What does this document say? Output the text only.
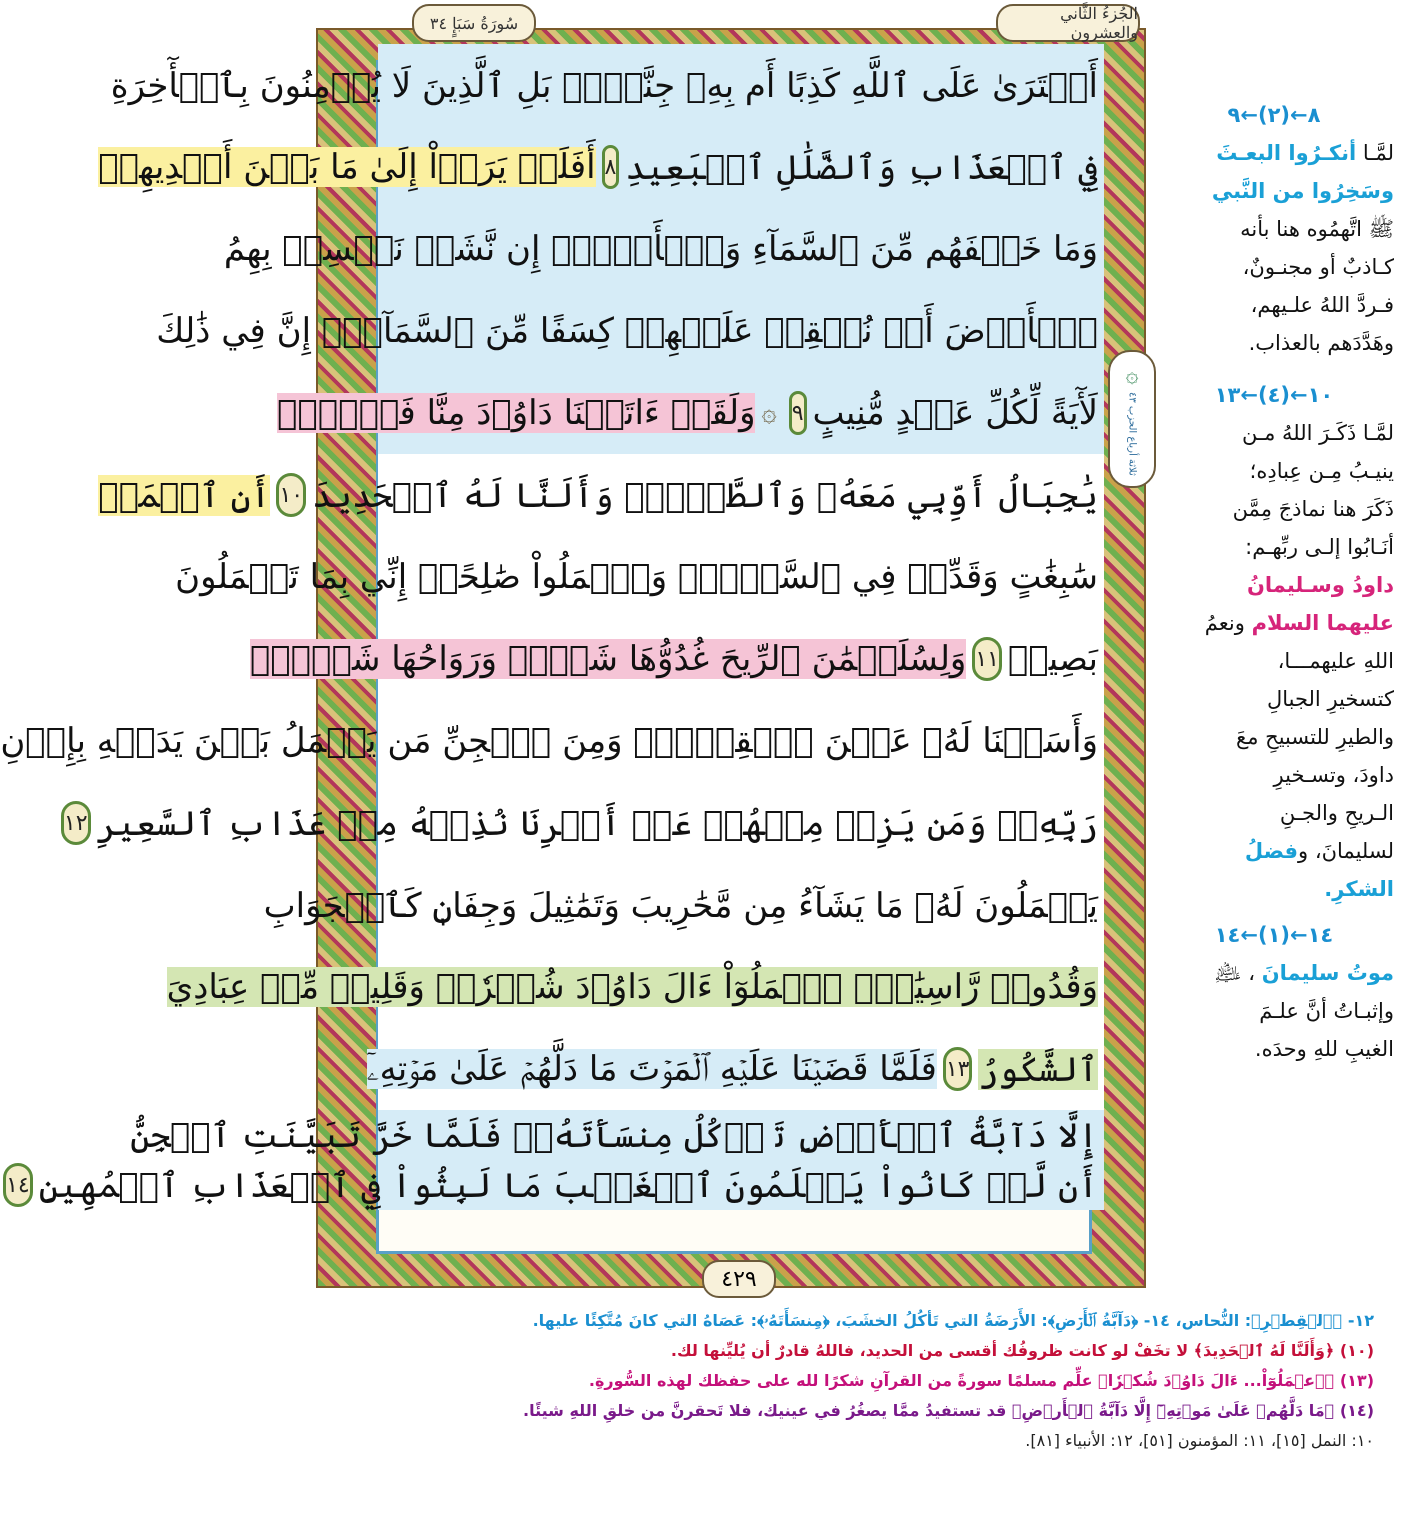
الجُزءُ الثَّاني والعِشرون
سُورَةُ سَبَإٍ ٣٤
۞
ثلاثة أرباع الحزب ٤٣
أَفۡتَرَىٰ عَلَى ٱللَّهِ كَذِبًا أَم بِهِۦ جِنَّةُۢۗ بَلِ ٱلَّذِينَ لَا يُؤۡمِنُونَ بِٱلۡأٓخِرَةِ
فِي ٱلۡعَذَابِ وَٱلضَّلَٰلِ ٱلۡبَعِيدِ
٨
أَفَلَمۡ يَرَوۡاْ إِلَىٰ مَا بَيۡنَ أَيۡدِيهِمۡ
وَمَا خَلۡفَهُم مِّنَ ٱلسَّمَآءِ وَٱلۡأَرۡضِۚ إِن نَّشَأۡ نَخۡسِفۡ بِهِمُ
ٱلۡأَرۡضَ أَوۡ نُسۡقِطۡ عَلَيۡهِمۡ كِسَفًا مِّنَ ٱلسَّمَآءِۚ إِنَّ فِي ذَٰلِكَ
لَأٓيَةً لِّكُلِّ عَبۡدٍ مُّنِيبٍ
٩
۞
وَلَقَدۡ ءَاتَيۡنَا دَاوُۥدَ مِنَّا فَضۡلًاۖ
يَٰجِبَالُ أَوِّبِي مَعَهُۥ وَٱلطَّيۡرَۖ وَأَلَنَّا لَهُ ٱلۡحَدِيدَ
١٠
أَنِ ٱعۡمَلۡ
سَٰبِغَٰتٍ وَقَدِّرۡ فِي ٱلسَّرۡدِۖ وَٱعۡمَلُواْ صَٰلِحًاۖ إِنِّي بِمَا تَعۡمَلُونَ
بَصِيرٞ
١١
وَلِسُلَيۡمَٰنَ ٱلرِّيحَ غُدُوُّهَا شَهۡرٞ وَرَوَاحُهَا شَهۡرٞۖ
وَأَسَلۡنَا لَهُۥ عَيۡنَ ٱلۡقِطۡرِۖ وَمِنَ ٱلۡجِنِّ مَن يَعۡمَلُ بَيۡنَ يَدَيۡهِ بِإِذۡنِ
رَبِّهِۦۖ وَمَن يَزِغۡ مِنۡهُمۡ عَنۡ أَمۡرِنَا نُذِقۡهُ مِنۡ عَذَابِ ٱلسَّعِيرِ
١٢
يَعۡمَلُونَ لَهُۥ مَا يَشَآءُ مِن مَّحَٰرِيبَ وَتَمَٰثِيلَ وَجِفَانٖ كَٱلۡجَوَابِ
وَقُدُورٖ رَّاسِيَٰتٍۚ ٱعۡمَلُوٓاْ ءَالَ دَاوُۥدَ شُكۡرٗاۚ وَقَلِيلٞ مِّنۡ عِبَادِيَ
ٱلشَّكُورُ
١٣
فَلَمَّا قَضَيۡنَا عَلَيۡهِ ٱلۡمَوۡتَ مَا دَلَّهُمۡ عَلَىٰ مَوۡتِهِۦٓ
إِلَّا دَآبَّةُ ٱلۡأَرۡضِ تَأۡكُلُ مِنسَأَتَهُۥۖ فَلَمَّا خَرَّ تَبَيَّنَتِ ٱلۡجِنُّ
أَن لَّوۡ كَانُواْ يَعۡلَمُونَ ٱلۡغَيۡبَ مَا لَبِثُواْ فِي ٱلۡعَذَابِ ٱلۡمُهِينِ
١٤
٤٢٩
٨←(٢)←٩
لمَّـا أنكـرُوا البعـثَ
وسَخِرُوا من النَّبي
ﷺ اتَّهمُوه هنا بأنه
كـاذبٌ أو مجنـونٌ،
فـردَّ اللهُ علـيهم،
وهَدَّدَهم بالعذاب.
١٠←(٤)←١٣
لمَّـا ذَكَـرَ اللهُ مـن
ينيـبُ مِـن عِبادِه؛
ذَكَرَ هنا نماذجَ مِمَّن
أنَـابُوا إلـى ربِّهـم:
داودُ وسـليمانُ
عليهما السلام ونعمُ
اللهِ عليهمـــا،
كتسخيرِ الجبالِ
والطيرِ للتسبيحِ معَ
داودَ، وتسـخيرِ
الـريحِ والجـنِ
لسليمانَ، وفضلُ
الشكرِ.
١٤←(١)←١٤
موتُ سليمانَ ، ﵇
وإثبـاتُ أنَّ علـمَ
الغيبِ للهِ وحدَه.
١٢- ﴿ٱلۡقِطۡرِ﴾: النُّحاس، ١٤- ﴿دَآبَّةُ ٱلۡأَرۡضِ﴾: الأَرَضَةُ التي تَأكُلُ الخشَبَ، ﴿مِنسَأَتَهُۥ﴾: عَصَاهُ التي كانَ مُتَّكِئًا عليها.
(١٠) ﴿وَأَلَنَّا لَهُ ٱلۡحَدِيدَ﴾ لا تخَفْ لو كانت ظروفُك أقسى من الحديد، فاللهُ قادرٌ أن يُليِّنها لك.
(١٣) ﴿ٱعۡمَلُوٓاْ... ءَالَ دَاوُۥدَ شُكۡرٗا﴾ علِّم مسلمًا سورةً من القرآنِ شكرًا لله على حفظك لهذه السُّورةِ.
(١٤) ﴿مَا دَلَّهُمۡ عَلَىٰ مَوۡتِهِۦٓ إِلَّا دَآبَّةُ ٱلۡأَرۡضِ﴾ قد تستفيدُ ممَّا يصغُرُ في عينيك، فلا تَحقرنَّ من خلقِ اللهِ شيئًا.
١٠: النمل [١٥]، ١١: المؤمنون [٥١]، ١٢: الأنبياء [٨١].
